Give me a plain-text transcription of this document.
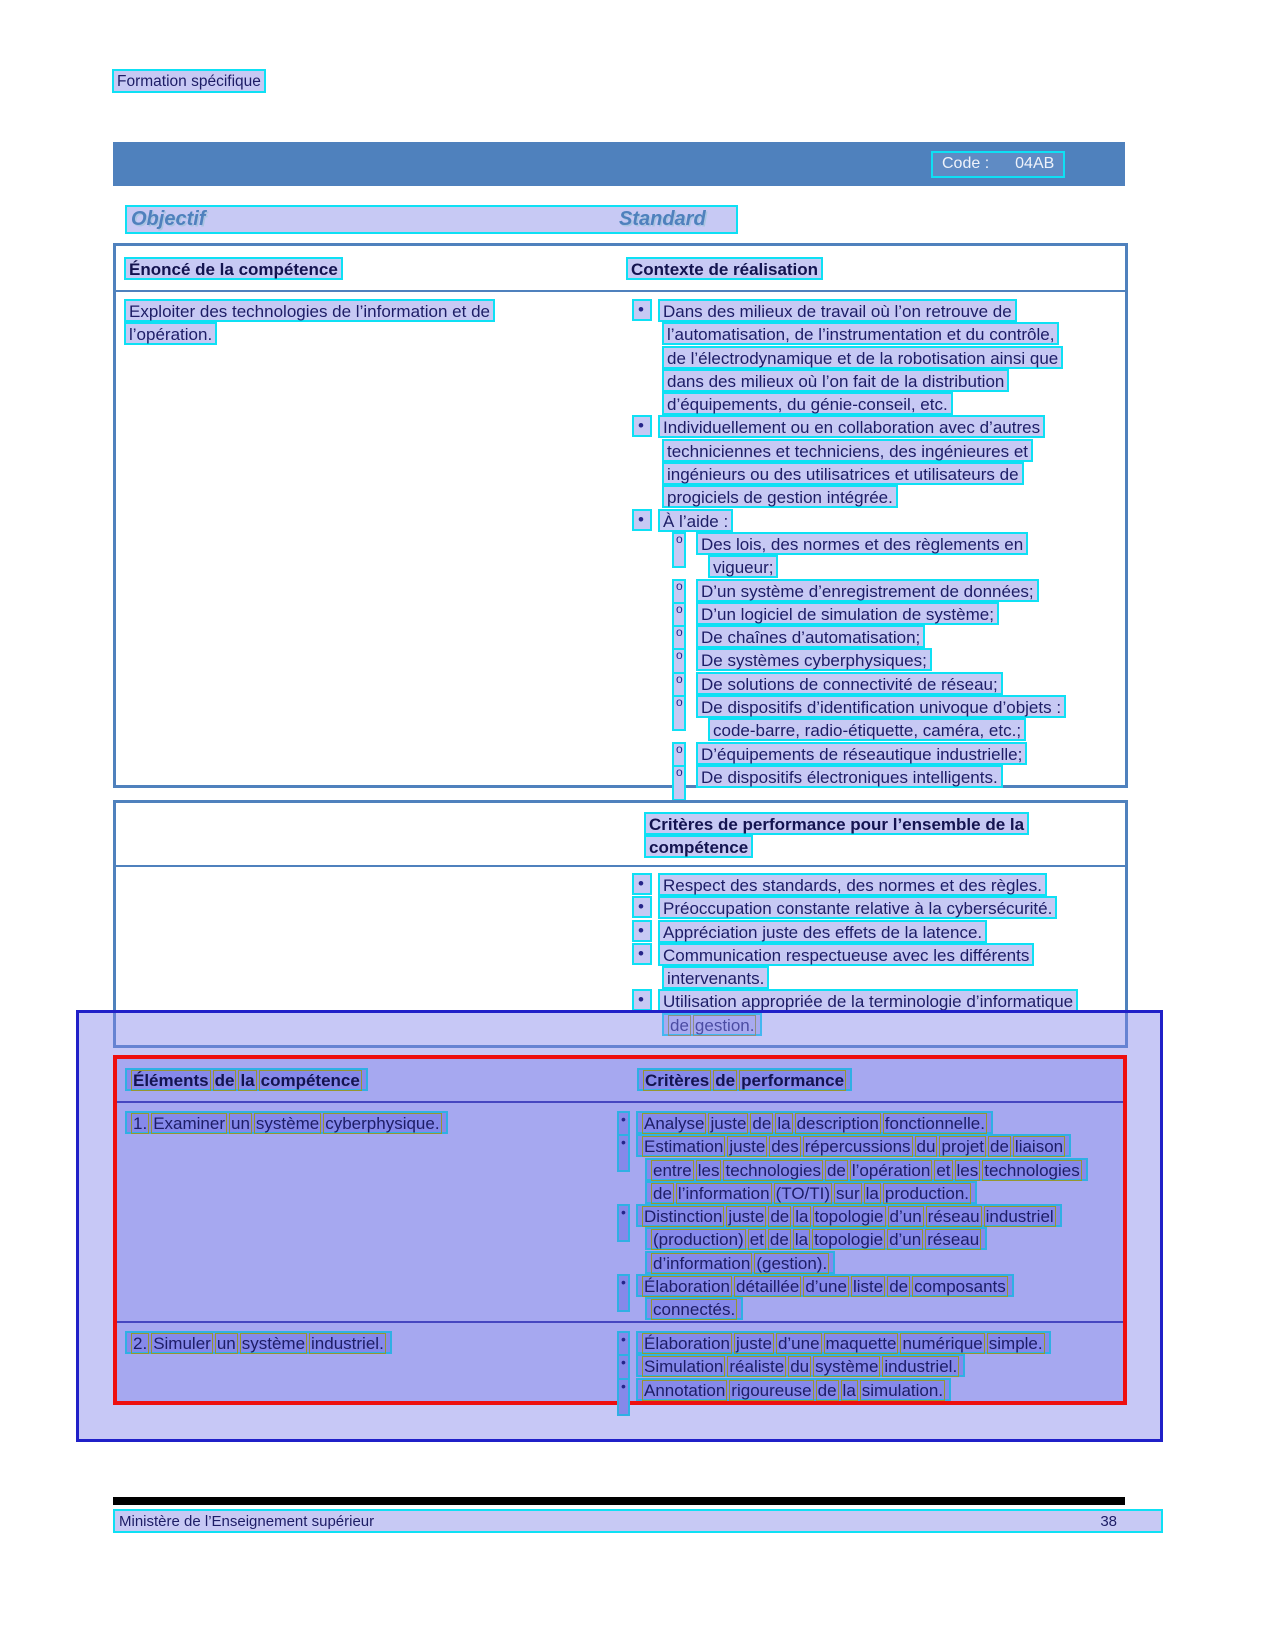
Formation spécifique
Code : 04AB
Objectif	Standard
Énoncé de la compétence	Contexte de réalisation
Exploiter des technologies de l’information et de
l’opération.
•Dans des milieux de travail où l’on retrouve de
l’automatisation, de l’instrumentation et du contrôle,
de l’électrodynamique et de la robotisation ainsi que
dans des milieux où l’on fait de la distribution
d’équipements, du génie-conseil, etc.
•Individuellement ou en collaboration avec d’autres
techniciennes et techniciens, des ingénieures et
ingénieurs ou des utilisatrices et utilisateurs de
progiciels de gestion intégrée.
•À l’aide :
oDes lois, des normes et des règlements en
vigueur;
oD’un système d’enregistrement de données;
oD’un logiciel de simulation de système;
oDe chaînes d’automatisation;
oDe systèmes cyberphysiques;
oDe solutions de connectivité de réseau;
oDe dispositifs d’identification univoque d’objets :
code-barre, radio-étiquette, caméra, etc.;
oD’équipements de réseautique industrielle;
oDe dispositifs électroniques intelligents.
Critères de performance pour l’ensemble de la
compétence
•Respect des standards, des normes et des règles.
•Préoccupation constante relative à la cybersécurité.
•Appréciation juste des effets de la latence.
•Communication respectueuse avec les différents
intervenants.
•Utilisation appropriée de la terminologie d’informatique
de gestion.
Éléments de la compétence	Critères de performance
1. Examiner un système cyberphysique. •	Analyse juste de la description fonctionnelle.
•Estimation juste des répercussions du projet de liaison
entre les technologies de l’opération et les technologies
de l’information (TO/TI) sur la production.
•Distinction juste de la topologie d’un réseau industriel
(production) et de la topologie d’un réseau
d’information (gestion).
•Élaboration détaillée d’une liste de composants
connectés.
2. Simuler un système industriel. •	Élaboration juste d’une maquette numérique simple.
•Simulation réaliste du système industriel.
•Annotation rigoureuse de la simulation.
Ministère de l’Enseignement supérieur	38
